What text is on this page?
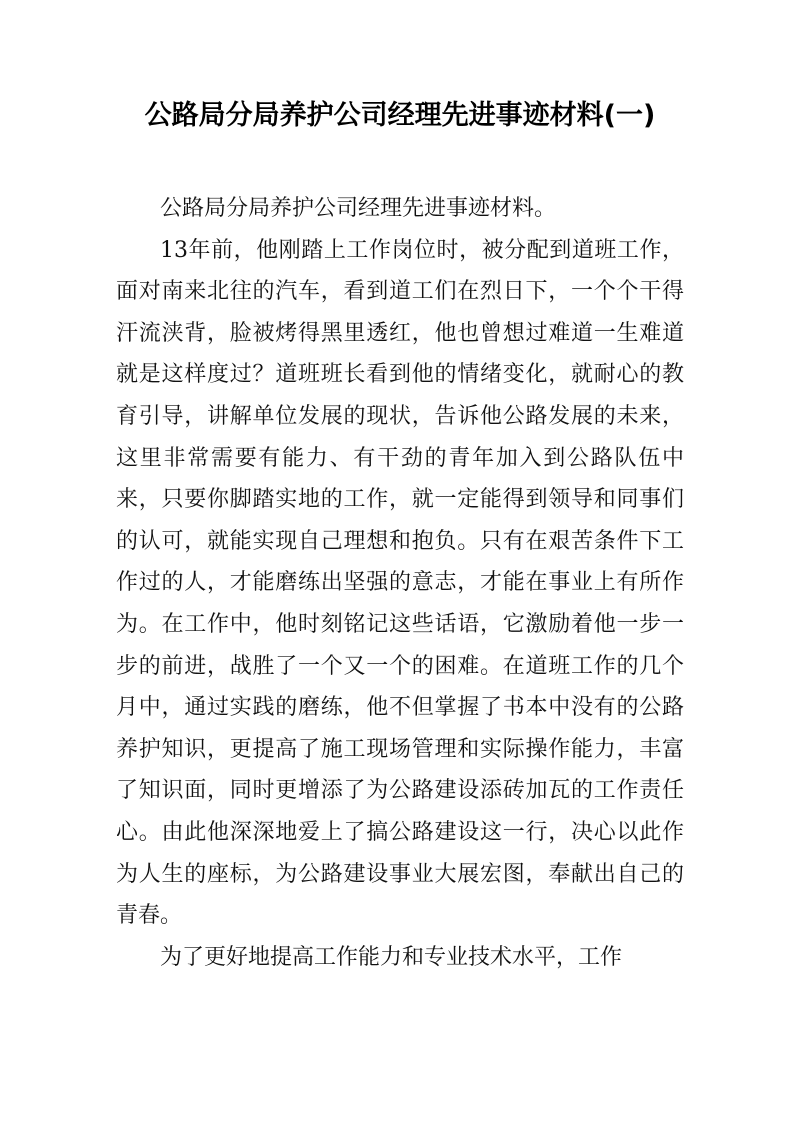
公路局分局养护公司经理先进事迹材料(一)

公路局分局养护公司经理先进事迹材料。

13年前，他刚踏上工作岗位时，被分配到道班工作，面对南来北往的汽车，看到道工们在烈日下，一个个干得汗流浃背，脸被烤得黑里透红，他也曾想过难道一生难道就是这样度过？道班班长看到他的情绪变化，就耐心的教育引导，讲解单位发展的现状，告诉他公路发展的未来，这里非常需要有能力、有干劲的青年加入到公路队伍中来，只要你脚踏实地的工作，就一定能得到领导和同事们的认可，就能实现自己理想和抱负。只有在艰苦条件下工作过的人，才能磨练出坚强的意志，才能在事业上有所作为。在工作中，他时刻铭记这些话语，它激励着他一步一步的前进，战胜了一个又一个的困难。在道班工作的几个月中，通过实践的磨练，他不但掌握了书本中没有的公路养护知识，更提高了施工现场管理和实际操作能力，丰富了知识面，同时更增添了为公路建设添砖加瓦的工作责任心。由此他深深地爱上了搞公路建设这一行，决心以此作为人生的座标，为公路建设事业大展宏图，奉献出自己的青春。

为了更好地提高工作能力和专业技术水平，工作
